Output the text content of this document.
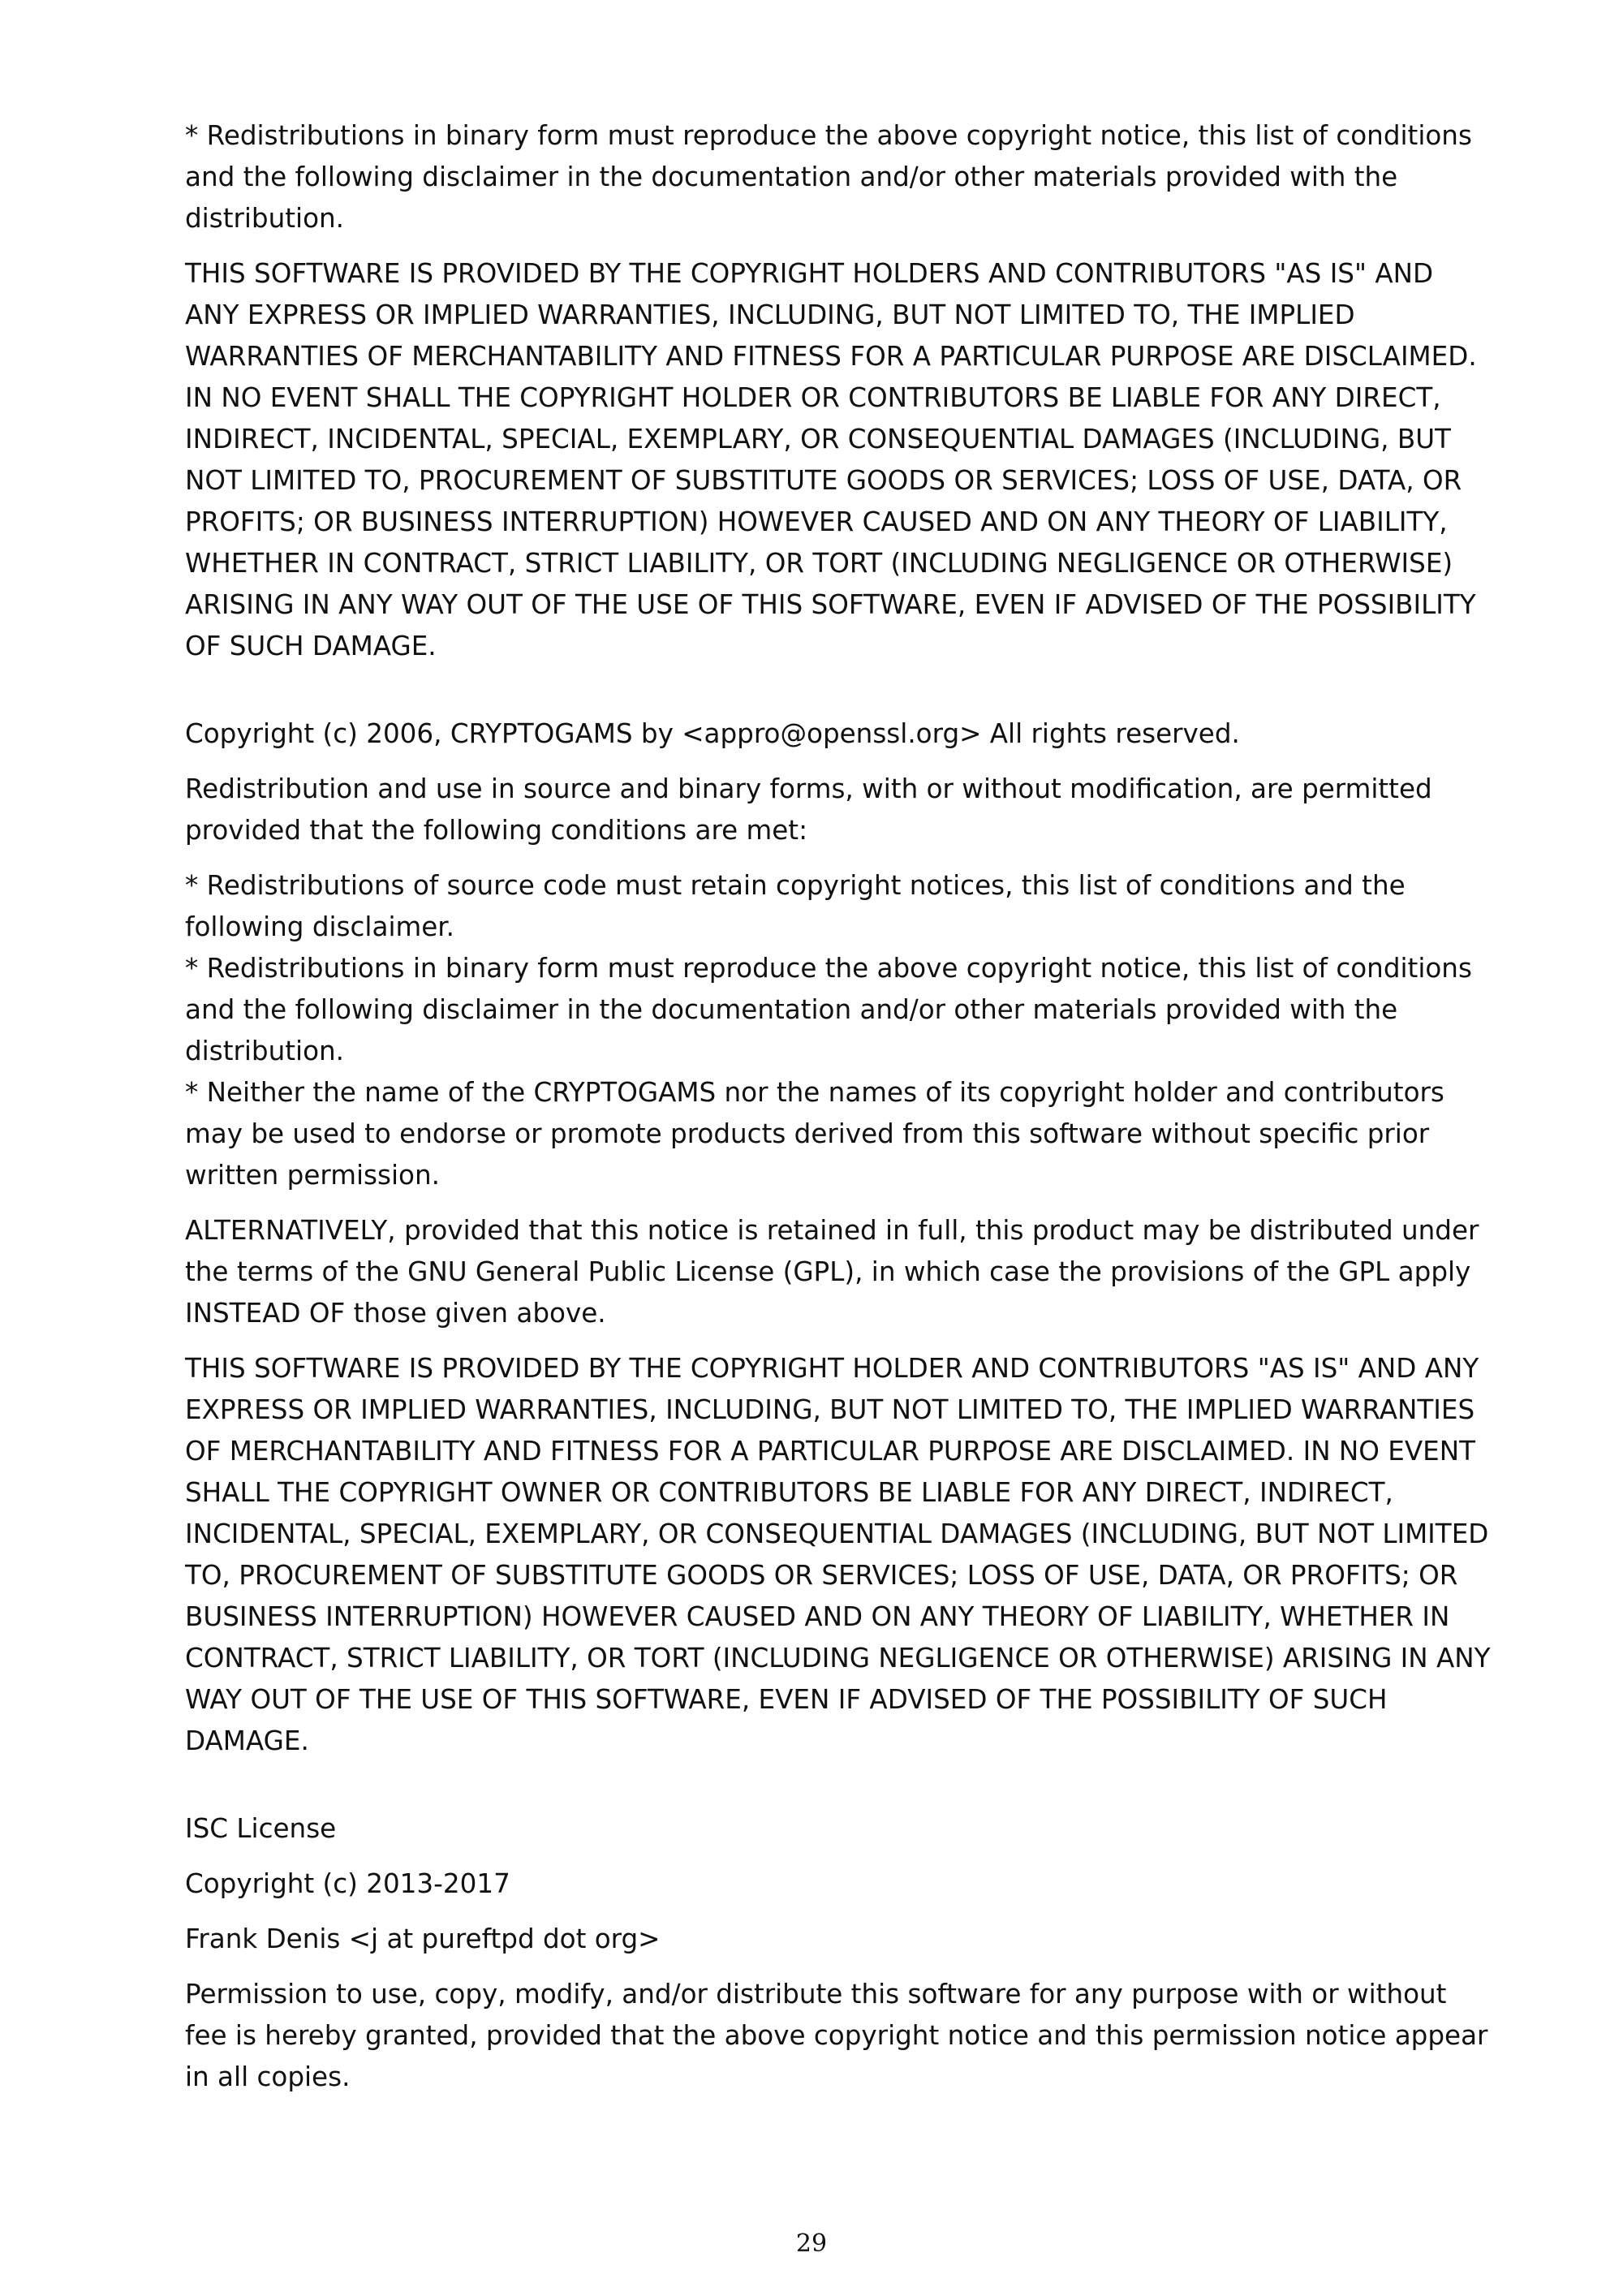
* Redistributions in binary form must reproduce the above copyright notice, this list of conditions and the following disclaimer in the documentation and/or other materials provided with the distribution.

THIS SOFTWARE IS PROVIDED BY THE COPYRIGHT HOLDERS AND CONTRIBUTORS "AS IS" AND ANY EXPRESS OR IMPLIED WARRANTIES, INCLUDING, BUT NOT LIMITED TO, THE IMPLIED WARRANTIES OF MERCHANTABILITY AND FITNESS FOR A PARTICULAR PURPOSE ARE DISCLAIMED. IN NO EVENT SHALL THE COPYRIGHT HOLDER OR CONTRIBUTORS BE LIABLE FOR ANY DIRECT, INDIRECT, INCIDENTAL, SPECIAL, EXEMPLARY, OR CONSEQUENTIAL DAMAGES (INCLUDING, BUT NOT LIMITED TO, PROCUREMENT OF SUBSTITUTE GOODS OR SERVICES; LOSS OF USE, DATA, OR PROFITS; OR BUSINESS INTERRUPTION) HOWEVER CAUSED AND ON ANY THEORY OF LIABILITY, WHETHER IN CONTRACT, STRICT LIABILITY, OR TORT (INCLUDING NEGLIGENCE OR OTHERWISE) ARISING IN ANY WAY OUT OF THE USE OF THIS SOFTWARE, EVEN IF ADVISED OF THE POSSIBILITY OF SUCH DAMAGE.

Copyright (c) 2006, CRYPTOGAMS by <appro@openssl.org> All rights reserved.

Redistribution and use in source and binary forms, with or without modification, are permitted provided that the following conditions are met:

* Redistributions of source code must retain copyright notices, this list of conditions and the following disclaimer.

* Redistributions in binary form must reproduce the above copyright notice, this list of conditions and the following disclaimer in the documentation and/or other materials provided with the distribution.

* Neither the name of the CRYPTOGAMS nor the names of its copyright holder and contributors may be used to endorse or promote products derived from this software without specific prior written permission.

ALTERNATIVELY, provided that this notice is retained in full, this product may be distributed under the terms of the GNU General Public License (GPL), in which case the provisions of the GPL apply INSTEAD OF those given above.

THIS SOFTWARE IS PROVIDED BY THE COPYRIGHT HOLDER AND CONTRIBUTORS "AS IS" AND ANY EXPRESS OR IMPLIED WARRANTIES, INCLUDING, BUT NOT LIMITED TO, THE IMPLIED WARRANTIES OF MERCHANTABILITY AND FITNESS FOR A PARTICULAR PURPOSE ARE DISCLAIMED. IN NO EVENT SHALL THE COPYRIGHT OWNER OR CONTRIBUTORS BE LIABLE FOR ANY DIRECT, INDIRECT, INCIDENTAL, SPECIAL, EXEMPLARY, OR CONSEQUENTIAL DAMAGES (INCLUDING, BUT NOT LIMITED TO, PROCUREMENT OF SUBSTITUTE GOODS OR SERVICES; LOSS OF USE, DATA, OR PROFITS; OR BUSINESS INTERRUPTION) HOWEVER CAUSED AND ON ANY THEORY OF LIABILITY, WHETHER IN CONTRACT, STRICT LIABILITY, OR TORT (INCLUDING NEGLIGENCE OR OTHERWISE) ARISING IN ANY WAY OUT OF THE USE OF THIS SOFTWARE, EVEN IF ADVISED OF THE POSSIBILITY OF SUCH DAMAGE.

ISC License

Copyright (c) 2013-2017

Frank Denis <j at pureftpd dot org>

Permission to use, copy, modify, and/or distribute this software for any purpose with or without fee is hereby granted, provided that the above copyright notice and this permission notice appear in all copies.

29
